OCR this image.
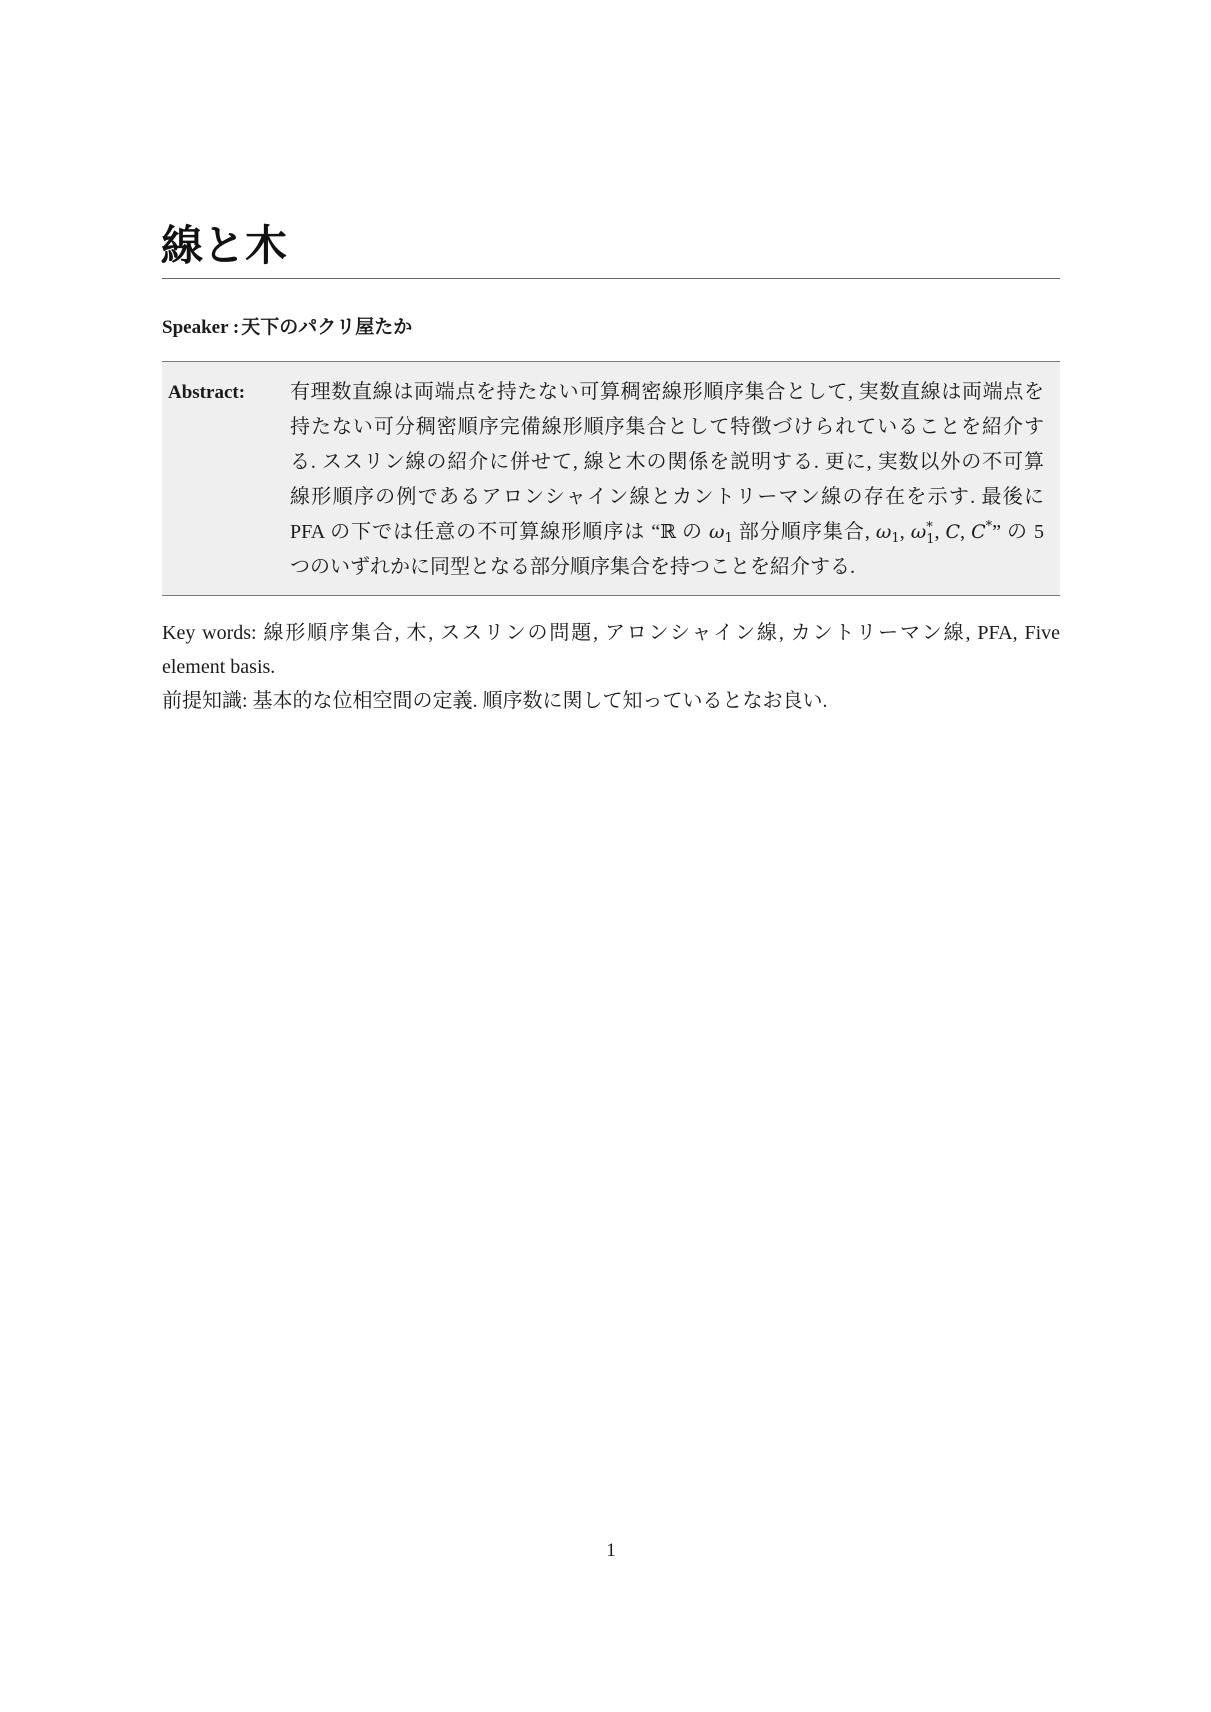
線と木
Speaker : 天下のパクリ屋たか
Abstract:	有理数直線は両端点を持たない可算稠密線形順序集合として, 実数直線は両端点を
持たない可分稠密順序完備線形順序集合として特徴づけられていることを紹介す
る. ススリン線の紹介に併せて, 線と木の関係を説明する. 更に, 実数以外の不可算
線形順序の例であるアロンシャイン線とカントリーマン線の存在を示す. 最後に
PFA の下では任意の不可算線形順序は “ℝ の $\omega_1$ 部分順序集合, $\omega_1$, ω *
1 , C, C*” の 5
つのいずれかに同型となる部分順序集合を持つことを紹介する.
Key words: 線形順序集合, 木, ススリンの問題, アロンシャイン線, カントリーマン線, PFA, Five
element basis.
前提知識: 基本的な位相空間の定義. 順序数に関して知っているとなお良い.
1
